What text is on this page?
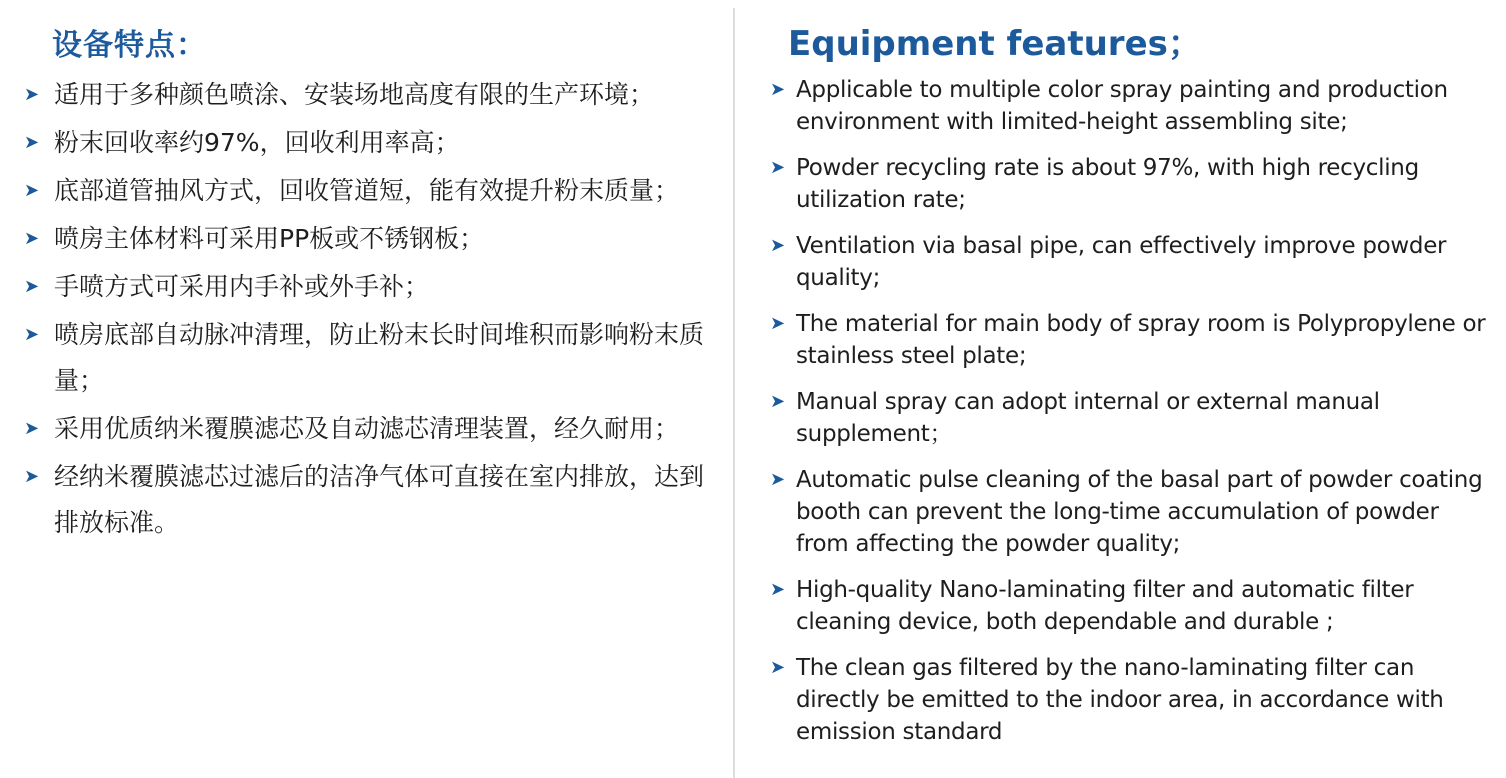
设备特点：
➤ 适用于多种颜色喷涂、安装场地高度有限的生产环境；
➤ 粉末回收率约97%，回收利用率高；
➤ 底部道管抽风方式，回收管道短，能有效提升粉末质量；
➤ 喷房主体材料可采用PP板或不锈钢板；
➤ 手喷方式可采用内手补或外手补；
➤ 喷房底部自动脉冲清理，防止粉末长时间堆积而影响粉末质量；
➤ 采用优质纳米覆膜滤芯及自动滤芯清理装置，经久耐用；
➤ 经纳米覆膜滤芯过滤后的洁净气体可直接在室内排放，达到排放标准。
Equipment features；
➤ Applicable to multiple color spray painting and production environment with limited-height assembling site;
➤ Powder recycling rate is about 97%, with high recycling utilization rate;
➤ Ventilation via basal pipe, can effectively improve powder quality;
➤ The material for main body of spray room is Polypropylene or stainless steel plate;
➤ Manual spray can adopt internal or external manual supplement；
➤ Automatic pulse cleaning of the basal part of powder coating booth can prevent the long-time accumulation of powder from affecting the powder quality;
➤ High-quality Nano-laminating filter and automatic filter cleaning device, both dependable and durable ;
➤ The clean gas filtered by the nano-laminating filter can directly be emitted to the indoor area, in accordance with emission standard
